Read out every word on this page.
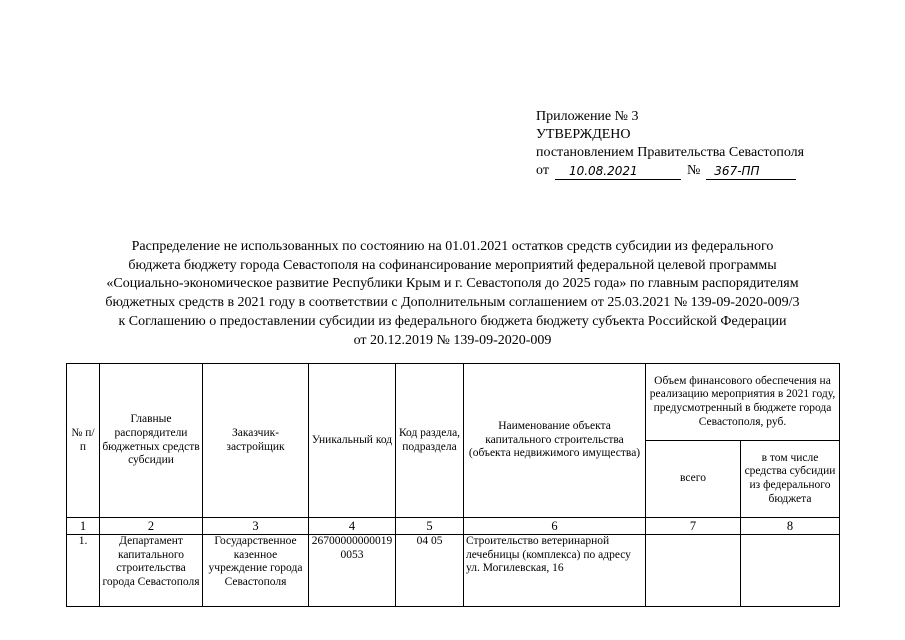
Приложение № 3
УТВЕРЖДЕНО
постановлением Правительства Севастополя
от	10.08.2021	№	367-ПП
Распределение не использованных по состоянию на 01.01.2021 остатков средств субсидии из федерального
бюджета бюджету города Севастополя на софинансирование мероприятий федеральной целевой программы
«Социально-экономическое развитие Республики Крым и г. Севастополя до 2025 года» по главным распорядителям
бюджетных средств в 2021 году в соответствии с Дополнительным соглашением от 25.03.2021 № 139-09-2020-009/3
к Соглашению о предоставлении субсидии из федерального бюджета бюджету субъекта Российской Федерации
от 20.12.2019 № 139-09-2020-009
№ п/п	Главные распорядители бюджетных средств субсидии	Заказчик-застройщик	Уникальный код	Код раздела, подраздела	Наименование объекта капитального строительства (объекта недвижимого имущества)	Объем финансового обеспечения на реализацию мероприятия в 2021 году, предусмотренный в бюджете города Севастополя, руб.	
						всего	в том числе средства субсидии из федерального бюджета
1	2	3	4	5	6	7	8
1.	Департамент капитального строительства города Севастополя	Государственное казенное учреждение города Севастополя	267000000000190053	04 05	Строительство ветеринарной лечебницы (комплекса) по адресу ул. Могилевская, 16		
